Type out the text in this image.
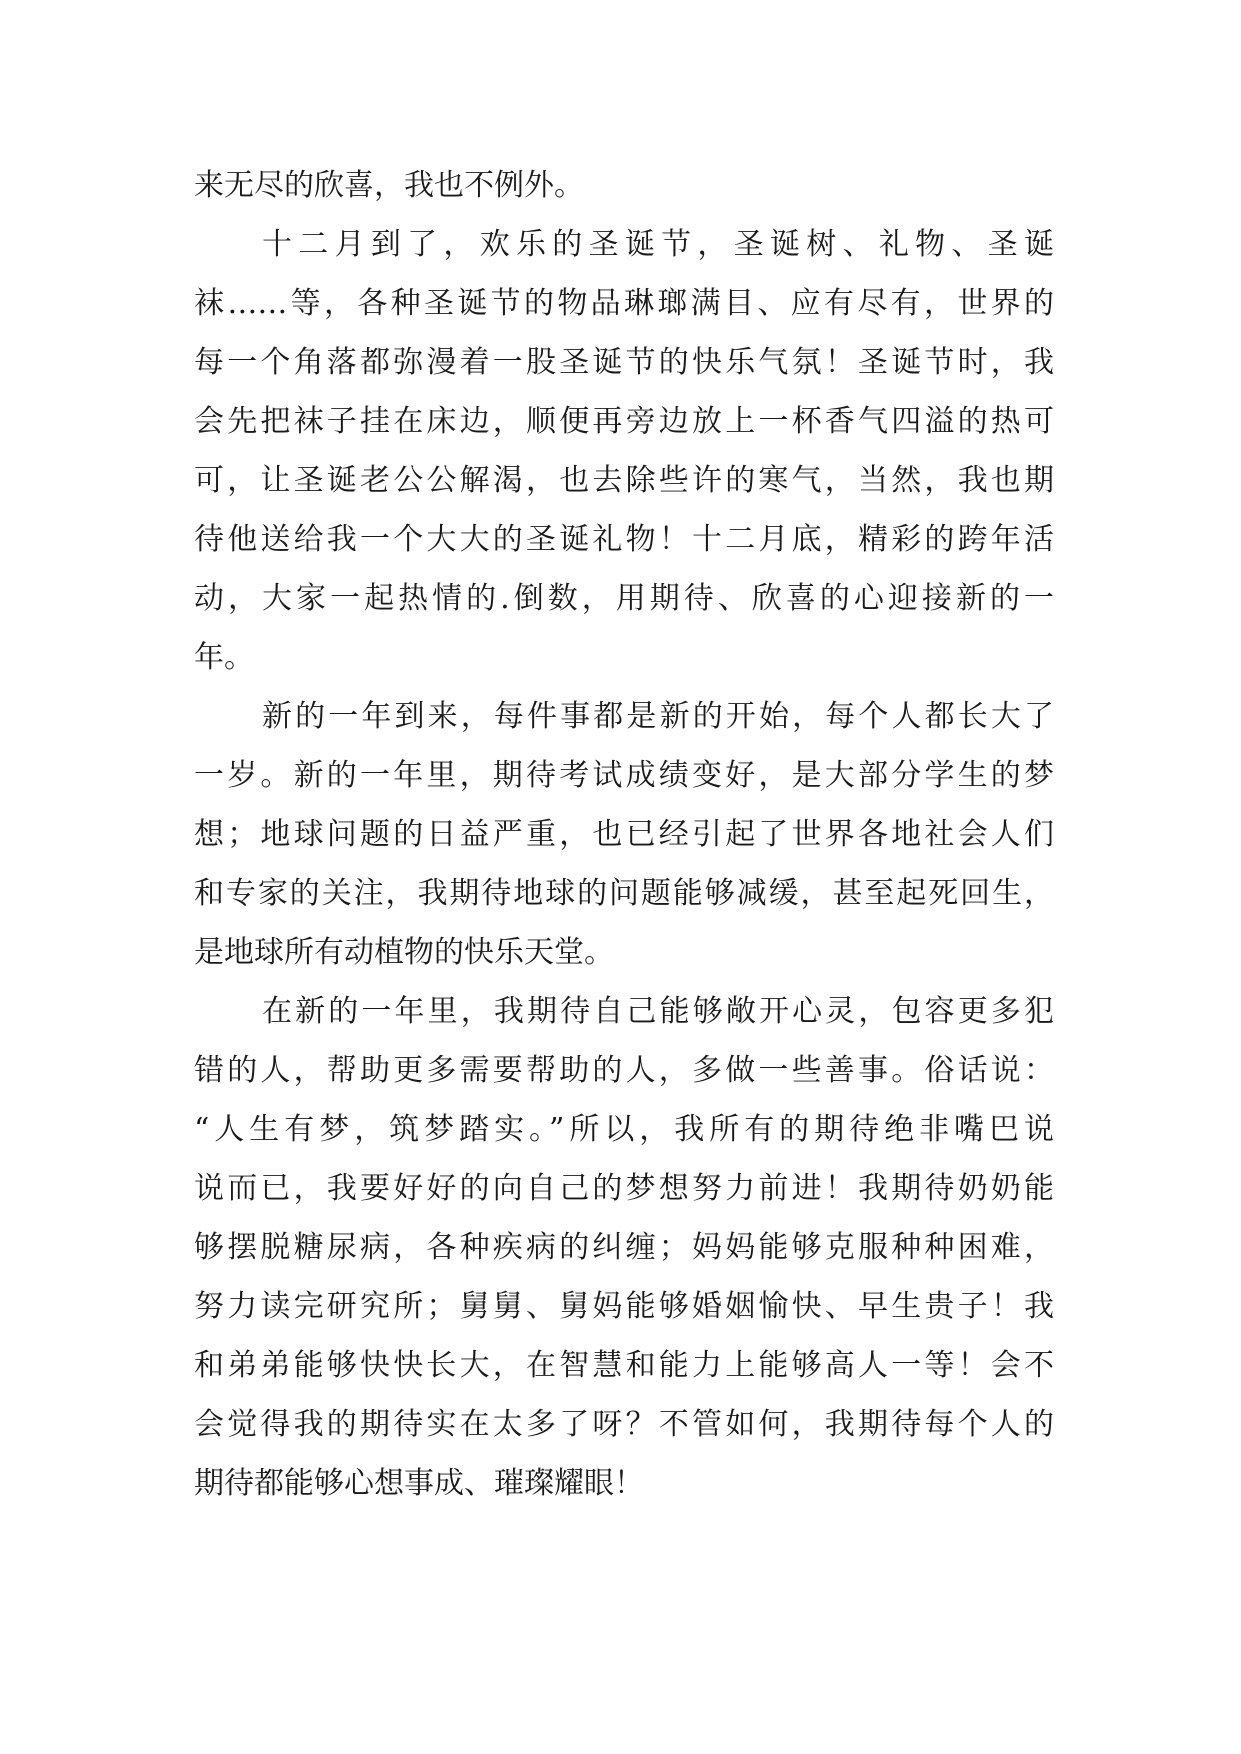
来无尽的欣喜，我也不例外。
十二月到了，欢乐的圣诞节，圣诞树、礼物、圣诞
袜……等，各种圣诞节的物品琳瑯满目、应有尽有，世界的
每一个角落都弥漫着一股圣诞节的快乐气氛！圣诞节时，我
会先把袜子挂在床边，顺便再旁边放上一杯香气四溢的热可
可，让圣诞老公公解渴，也去除些许的寒气，当然，我也期
待他送给我一个大大的圣诞礼物！十二月底，精彩的跨年活
动，大家一起热情的.倒数，用期待、欣喜的心迎接新的一
年。
新的一年到来，每件事都是新的开始，每个人都长大了
一岁。新的一年里，期待考试成绩变好，是大部分学生的梦
想；地球问题的日益严重，也已经引起了世界各地社会人们
和专家的关注，我期待地球的问题能够减缓，甚至起死回生，
是地球所有动植物的快乐天堂。
在新的一年里，我期待自己能够敞开心灵，包容更多犯
错的人，帮助更多需要帮助的人，多做一些善事。俗话说：
“人生有梦，筑梦踏实。”所以，我所有的期待绝非嘴巴说
说而已，我要好好的向自己的梦想努力前进！我期待奶奶能
够摆脱糖尿病，各种疾病的纠缠；妈妈能够克服种种困难，
努力读完研究所；舅舅、舅妈能够婚姻愉快、早生贵子！我
和弟弟能够快快长大，在智慧和能力上能够高人一等！会不
会觉得我的期待实在太多了呀？不管如何，我期待每个人的
期待都能够心想事成、璀璨耀眼！
